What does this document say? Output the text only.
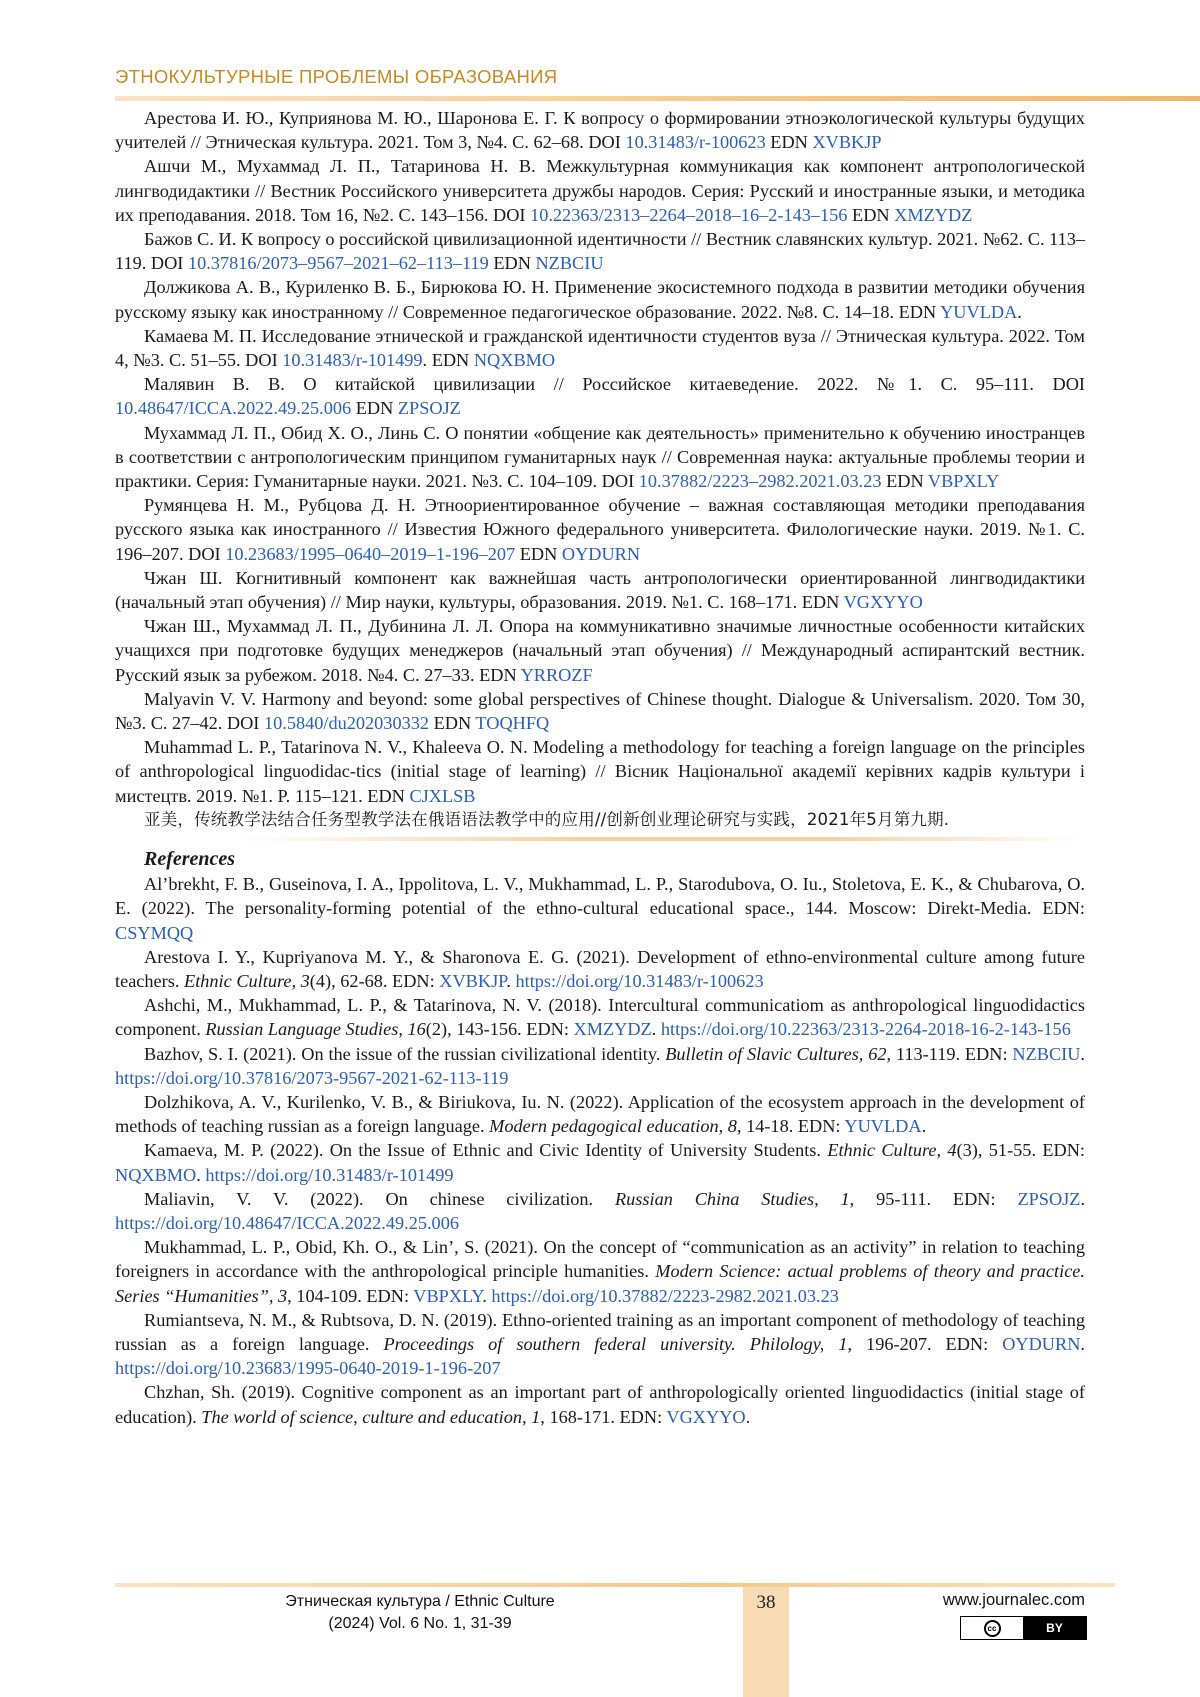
ЭТНОКУЛЬТУРНЫЕ ПРОБЛЕМЫ ОБРАЗОВАНИЯ

Арестова И. Ю., Куприянова М. Ю., Шаронова Е. Г. К вопросу о формировании этноэкологической культуры будущих учителей // Этническая культура. 2021. Том 3, №4. С. 62–68. DOI 10.31483/r-100623 EDN XVBKJP

Ашчи М., Мухаммад Л. П., Татаринова Н. В. Межкультурная коммуникация как компонент антропологической лингводидактики // Вестник Российского университета дружбы народов. Серия: Русский и иностранные языки, и методика их преподавания. 2018. Том 16, №2. С. 143–156. DOI 10.22363/2313–2264–2018–16–2-143–156 EDN XMZYDZ

Бажов С. И. К вопросу о российской цивилизационной идентичности // Вестник славянских культур. 2021. №62. С. 113–119. DOI 10.37816/2073–9567–2021–62–113–119 EDN NZBCIU

Должикова А. В., Куриленко В. Б., Бирюкова Ю. Н. Применение экосистемного подхода в развитии методики обучения русскому языку как иностранному // Современное педагогическое образование. 2022. №8. С. 14–18. EDN YUVLDA.

Камаева М. П. Исследование этнической и гражданской идентичности студентов вуза // Этническая культура. 2022. Том 4, №3. С. 51–55. DOI 10.31483/r-101499. EDN NQXBMO

Малявин В. В. О китайской цивилизации // Российское китаеведение. 2022. №1. С. 95–111. DOI 10.48647/ICCA.2022.49.25.006 EDN ZPSOJZ

Мухаммад Л. П., Обид Х. О., Линь С. О понятии «общение как деятельность» применительно к обучению иностранцев в соответствии с антропологическим принципом гуманитарных наук // Современная наука: актуальные проблемы теории и практики. Серия: Гуманитарные науки. 2021. №3. С. 104–109. DOI 10.37882/2223–2982.2021.03.23 EDN VBPXLY

Румянцева Н. М., Рубцова Д. Н. Этноориентированное обучение – важная составляющая методики преподавания русского языка как иностранного // Известия Южного федерального университета. Филологические науки. 2019. №1. С. 196–207. DOI 10.23683/1995–0640–2019–1-196–207 EDN OYDURN

Чжан Ш. Когнитивный компонент как важнейшая часть антропологически ориентированной лингводидактики (начальный этап обучения) // Мир науки, культуры, образования. 2019. №1. С. 168–171. EDN VGXYYO

Чжан Ш., Мухаммад Л. П., Дубинина Л. Л. Опора на коммуникативно значимые личностные особенности китайских учащихся при подготовке будущих менеджеров (начальный этап обучения) // Международный аспирантский вестник. Русский язык за рубежом. 2018. №4. С. 27–33. EDN YRROZF

Malyavin V. V. Harmony and beyond: some global perspectives of Chinese thought. Dialogue & Universalism. 2020. Том 30, №3. С. 27–42. DOI 10.5840/du202030332 EDN TOQHFQ

Muhammad L. P., Tatarinova N. V., Khaleeva O. N. Modeling a methodology for teaching a foreign language on the principles of anthropological linguodidac-tics (initial stage of learning) // Вісник Національної академії керівних кадрів культури і мистецтв. 2019. №1. P. 115–121. EDN CJXLSB

亚美，传统教学法结合任务型教学法在俄语语法教学中的应用//创新创业理论研究与实践，2021年5月第九期.

References

Al’brekht, F. B., Guseinova, I. A., Ippolitova, L. V., Mukhammad, L. P., Starodubova, O. Iu., Stoletova, E. K., & Chubarova, O. E. (2022). The personality-forming potential of the ethno-cultural educational space., 144. Moscow: Direkt-Media. EDN: CSYMQQ

Arestova I. Y., Kupriyanova M. Y., & Sharonova E. G. (2021). Development of ethno-environmental culture among future teachers. Ethnic Culture, 3(4), 62-68. EDN: XVBKJP. https://doi.org/10.31483/r-100623

Ashchi, M., Mukhammad, L. P., & Tatarinova, N. V. (2018). Intercultural communicatiom as anthropological linguodidactics component. Russian Language Studies, 16(2), 143-156. EDN: XMZYDZ. https://doi.org/10.22363/2313-2264-2018-16-2-143-156

Bazhov, S. I. (2021). On the issue of the russian civilizational identity. Bulletin of Slavic Cultures, 62, 113-119. EDN: NZBCIU. https://doi.org/10.37816/2073-9567-2021-62-113-119

Dolzhikova, A. V., Kurilenko, V. B., & Biriukova, Iu. N. (2022). Application of the ecosystem approach in the development of methods of teaching russian as a foreign language. Modern pedagogical education, 8, 14-18. EDN: YUVLDA.

Kamaeva, M. P. (2022). On the Issue of Ethnic and Civic Identity of University Students. Ethnic Culture, 4(3), 51-55. EDN: NQXBMO. https://doi.org/10.31483/r-101499

Maliavin, V. V. (2022). On chinese civilization. Russian China Studies, 1, 95-111. EDN: ZPSOJZ. https://doi.org/10.48647/ICCA.2022.49.25.006

Mukhammad, L. P., Obid, Kh. O., & Lin’, S. (2021). On the concept of “communication as an activity” in relation to teaching foreigners in accordance with the anthropological principle humanities. Modern Science: actual problems of theory and practice. Series “Humanities”, 3, 104-109. EDN: VBPXLY. https://doi.org/10.37882/2223-2982.2021.03.23

Rumiantseva, N. M., & Rubtsova, D. N. (2019). Ethno-oriented training as an important component of methodology of teaching russian as a foreign language. Proceedings of southern federal university. Philology, 1, 196-207. EDN: OYDURN. https://doi.org/10.23683/1995-0640-2019-1-196-207

Chzhan, Sh. (2019). Cognitive component as an important part of anthropologically oriented linguodidactics (initial stage of education). The world of science, culture and education, 1, 168-171. EDN: VGXYYO.

Этническая культура / Ethnic Culture
(2024) Vol. 6 No. 1, 31-39
38	www.journalec.com
cc	BY
